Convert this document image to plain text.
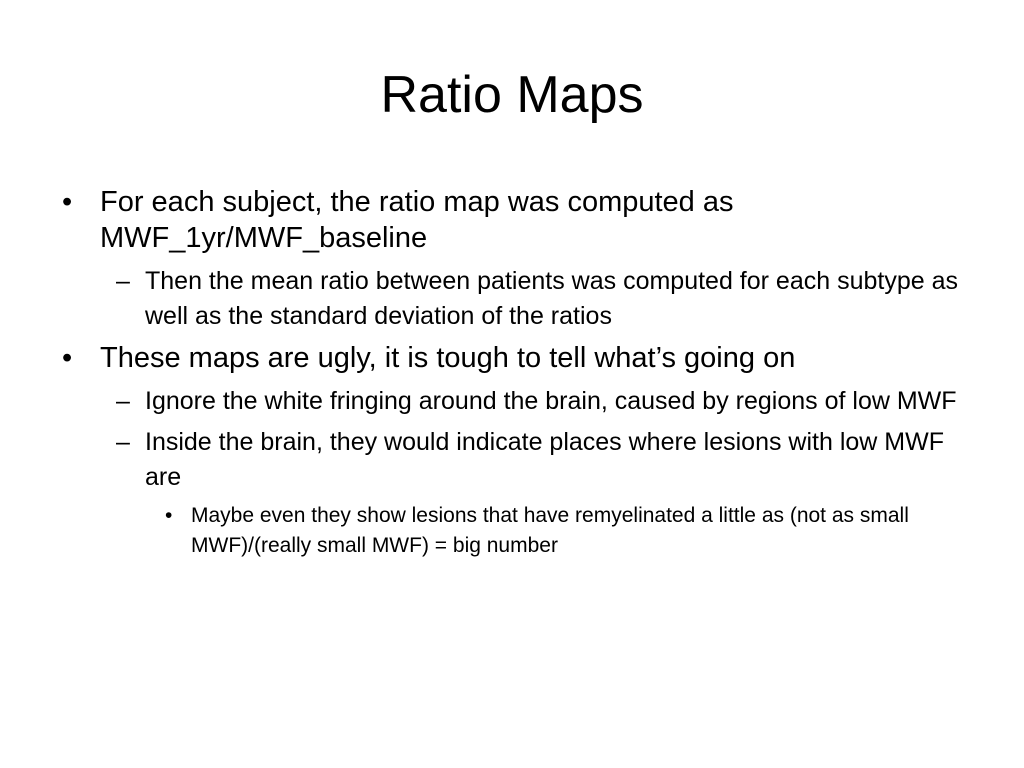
Ratio Maps
• For each subject, the ratio map was computed as MWF_1yr/MWF_baseline
– Then the mean ratio between patients was computed for each subtype as well as the standard deviation of the ratios
• These maps are ugly, it is tough to tell what’s going on
– Ignore the white fringing around the brain, caused by regions of low MWF
– Inside the brain, they would indicate places where lesions with low MWF are
• Maybe even they show lesions that have remyelinated a little as (not as small MWF)/(really small MWF) = big number
